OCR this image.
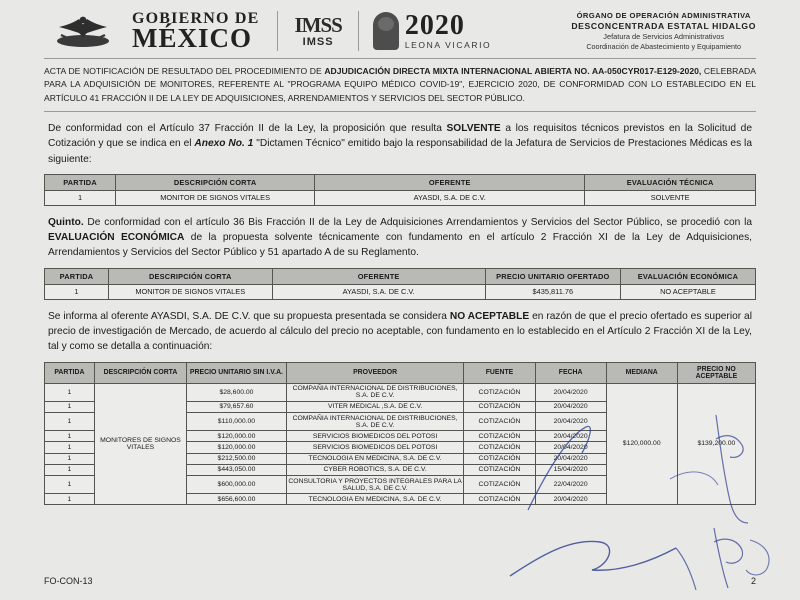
GOBIERNO DE
MÉXICO	IMSS
IMSS
2020
LEONA VICARIO
ÓRGANO DE OPERACIÓN ADMINISTRATIVA
DESCONCENTRADA ESTATAL HIDALGO
Jefatura de Servicios Administrativos
Coordinación de Abastecimiento y Equipamiento
ACTA DE NOTIFICACIÓN DE RESULTADO DEL PROCEDIMIENTO DE ADJUDICACIÓN DIRECTA MIXTA INTERNACIONAL ABIERTA NO. AA-050CYR017-E129-2020, CELEBRADA PARA LA ADQUISICIÓN DE MONITORES, REFERENTE AL "PROGRAMA EQUIPO MÉDICO COVID-19", EJERCICIO 2020, DE CONFORMIDAD CON LO ESTABLECIDO EN EL ARTÍCULO 41 FRACCIÓN II DE LA LEY DE ADQUISICIONES, ARRENDAMIENTOS Y SERVICIOS DEL SECTOR PÚBLICO.
De conformidad con el Artículo 37 Fracción II de la Ley, la proposición que resulta SOLVENTE a los requisitos técnicos previstos en la Solicitud de Cotización y que se indica en el Anexo No. 1 "Dictamen Técnico" emitido bajo la responsabilidad de la Jefatura de Servicios de Prestaciones Médicas es la siguiente:
PARTIDA	DESCRIPCIÓN CORTA	OFERENTE	EVALUACIÓN TÉCNICA
1	MONITOR DE SIGNOS VITALES	AYASDI, S.A. DE C.V.	SOLVENTE
Quinto. De conformidad con el artículo 36 Bis Fracción II de la Ley de Adquisiciones Arrendamientos y Servicios del Sector Público, se procedió con la EVALUACIÓN ECONÓMICA de la propuesta solvente técnicamente con fundamento en el artículo 2 Fracción XI de la Ley de Adquisiciones, Arrendamientos y Servicios del Sector Público y 51 apartado A de su Reglamento.
PARTIDA	DESCRIPCIÓN CORTA	OFERENTE	PRECIO UNITARIO OFERTADO	EVALUACIÓN ECONÓMICA
1	MONITOR DE SIGNOS VITALES	AYASDI, S.A. DE C.V.	$435,811.76	NO ACEPTABLE
Se informa al oferente AYASDI, S.A. DE C.V. que su propuesta presentada se considera NO ACEPTABLE en razón de que el precio ofertado es superior al precio de investigación de Mercado, de acuerdo al cálculo del precio no aceptable, con fundamento en lo establecido en el Artículo 2 Fracción XI de la Ley, tal y como se detalla a continuación:
PARTIDA	DESCRIPCIÓN CORTA	PRECIO UNITARIO SIN I.V.A.	PROVEEDOR	FUENTE	FECHA	MEDIANA	PRECIO NO ACEPTABLE
1	MONITORES DE SIGNOS VITALES	$28,600.00	COMPAÑIA INTERNACIONAL DE DISTRIBUCIONES, S.A. DE C.V.	COTIZACIÓN	20/04/2020	$120,000.00	$139,200.00
1		$79,657.60	VITER MEDICAL ,S.A. DE C.V.	COTIZACIÓN	20/04/2020		
1		$110,000.00	COMPAÑIA INTERNACIONAL DE DISTRIBUCIONES, S.A. DE C.V.	COTIZACIÓN	20/04/2020		
1		$120,000.00	SERVICIOS BIOMEDICOS DEL POTOSI	COTIZACIÓN	20/04/2020		
1		$120,000.00	SERVICIOS BIOMEDICOS DEL POTOSI	COTIZACIÓN	20/04/2020		
1		$212,500.00	TECNOLOGIA EN MEDICINA, S.A. DE C.V.	COTIZACIÓN	20/04/2020		
1		$443,050.00	CYBER ROBOTICS, S.A. DE C.V.	COTIZACIÓN	15/04/2020		
1		$600,000.00	CONSULTORIA Y PROYECTOS INTEGRALES PARA LA SALUD, S.A. DE C.V.	COTIZACIÓN	22/04/2020		
1		$656,600.00	TECNOLOGIA EN MEDICINA, S.A. DE C.V.	COTIZACIÓN	20/04/2020		
FO-CON-13	2
